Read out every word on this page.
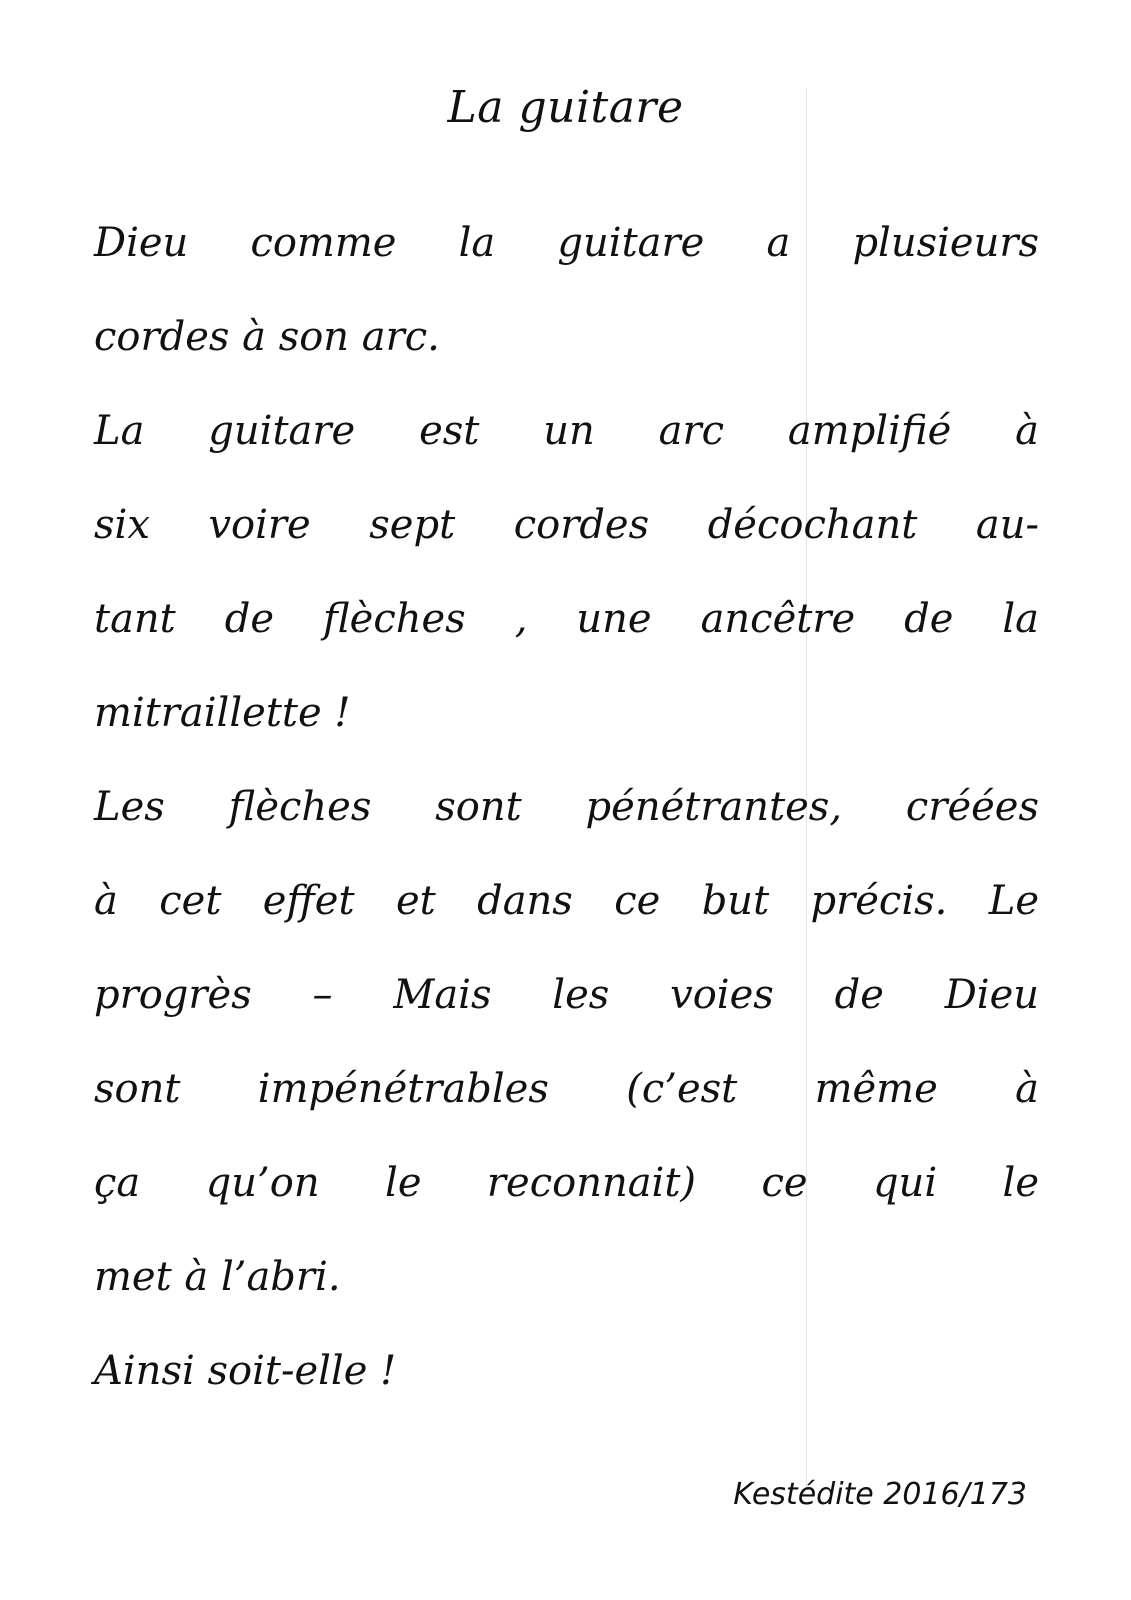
La guitare
Dieu comme la guitare a plusieurs
cordes à son arc.
La guitare est un arc amplifié à
six voire sept cordes décochant au-
tant de flèches , une ancêtre de la
mitraillette !
Les flèches sont pénétrantes, créées
à cet effet et dans ce but précis. Le
progrès – Mais les voies de Dieu
sont impénétrables (c’est même à
ça qu’on le reconnait) ce qui le
met à l’abri.
Ainsi soit-elle !
Kestédite 2016/173
